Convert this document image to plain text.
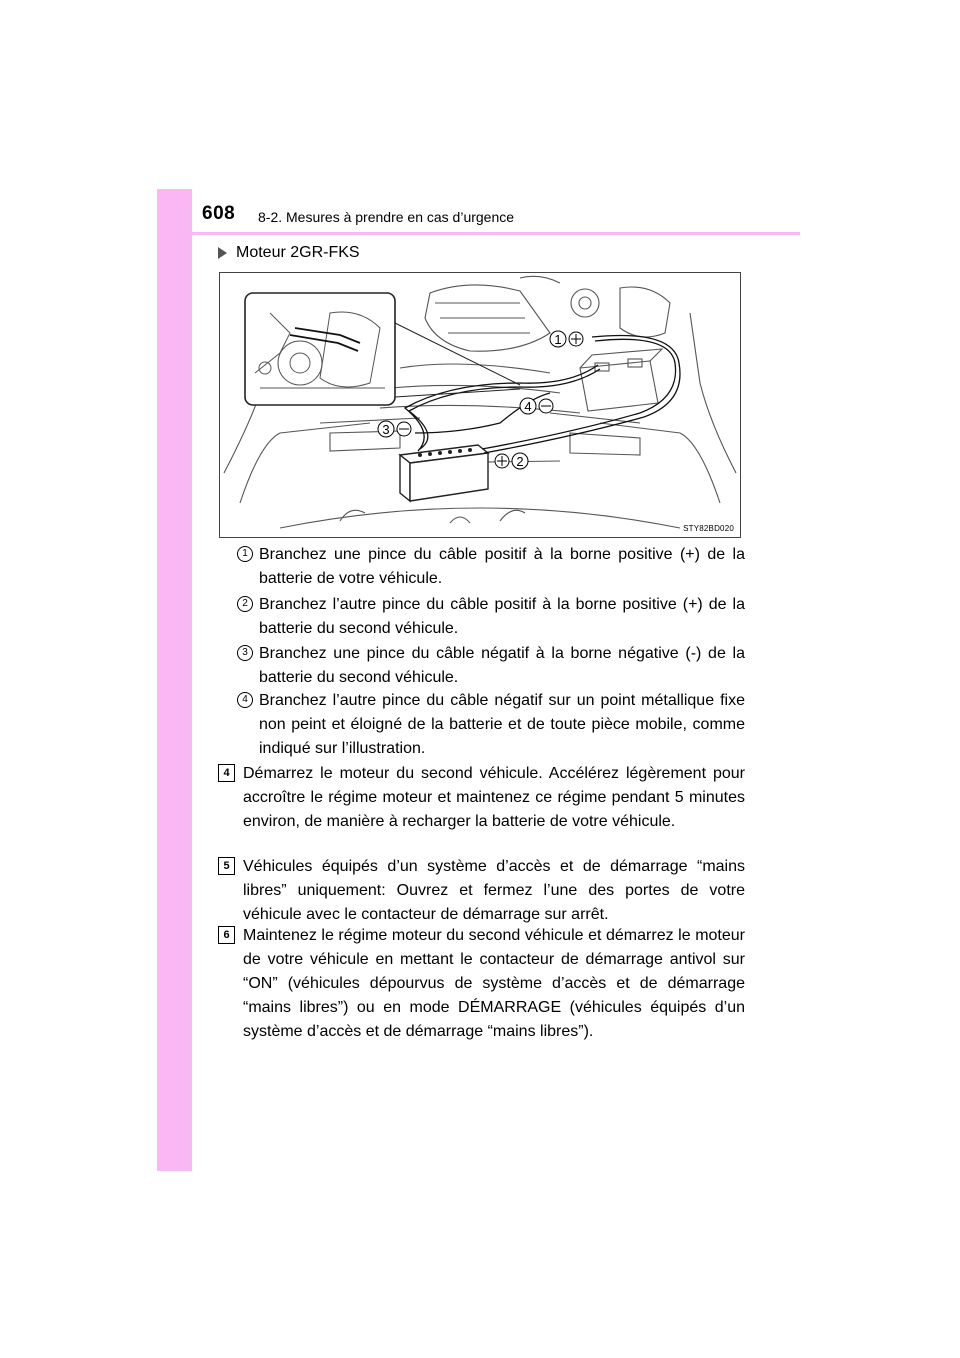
608 8-2. Mesures à prendre en cas d’urgence
Moteur 2GR-FKS
1
2
3
4
STY82BD020
1 Branchez une pince du câble positif à la borne positive (+) de la batterie de votre véhicule.
2 Branchez l’autre pince du câble positif à la borne positive (+) de la batterie du second véhicule.
3 Branchez une pince du câble négatif à la borne négative (-) de la batterie du second véhicule.
4 Branchez l’autre pince du câble négatif sur un point métallique fixe non peint et éloigné de la batterie et de toute pièce mobile, comme indiqué sur l’illustration.
4 Démarrez le moteur du second véhicule. Accélérez légèrement pour accroître le régime moteur et maintenez ce régime pendant 5 minutes environ, de manière à recharger la batterie de votre véhicule.
5 Véhicules équipés d’un système d’accès et de démarrage “mains libres” uniquement: Ouvrez et fermez l’une des portes de votre véhicule avec le contacteur de démarrage sur arrêt.
6 Maintenez le régime moteur du second véhicule et démarrez le moteur de votre véhicule en mettant le contacteur de démarrage antivol sur “ON” (véhicules dépourvus de système d’accès et de démarrage “mains libres”) ou en mode DÉMARRAGE (véhicules équipés d’un système d’accès et de démarrage “mains libres”).
